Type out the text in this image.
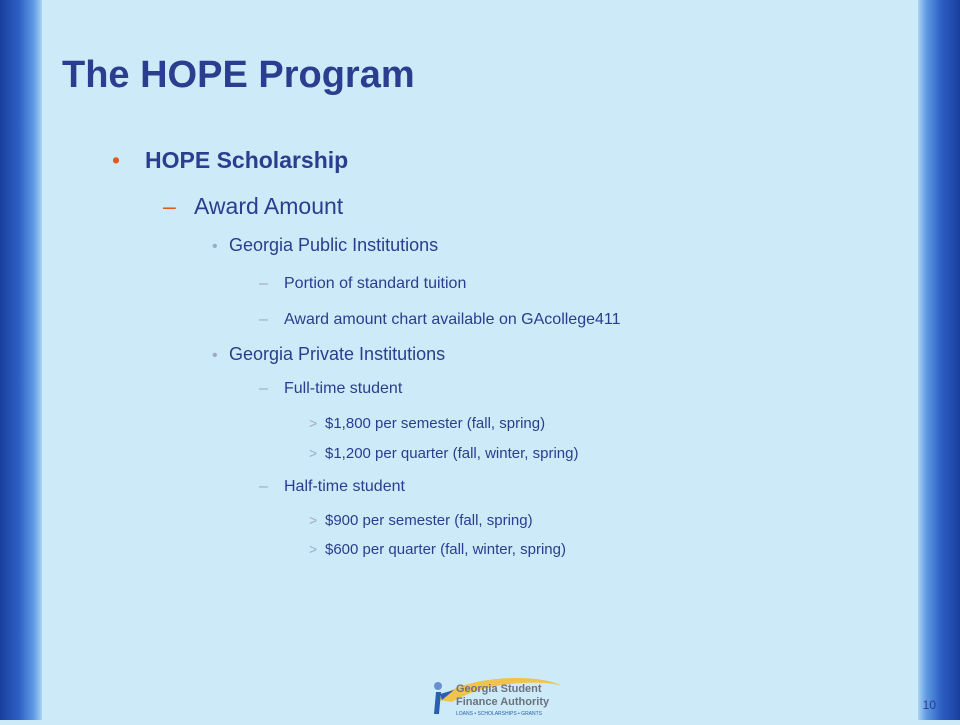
The HOPE Program
•	HOPE Scholarship
– Award Amount
• Georgia Public Institutions
–	Portion of standard tuition
–	Award amount chart available on GAcollege411
• Georgia Private Institutions
–	Full-time student
> $1,800 per semester (fall, spring)
> $1,200 per quarter (fall, winter, spring)
–	Half-time student
> $900 per semester (fall, spring)
> $600 per quarter (fall, winter, spring)
Georgia Student
Finance Authority
LOANS • SCHOLARSHIPS • GRANTS
10
